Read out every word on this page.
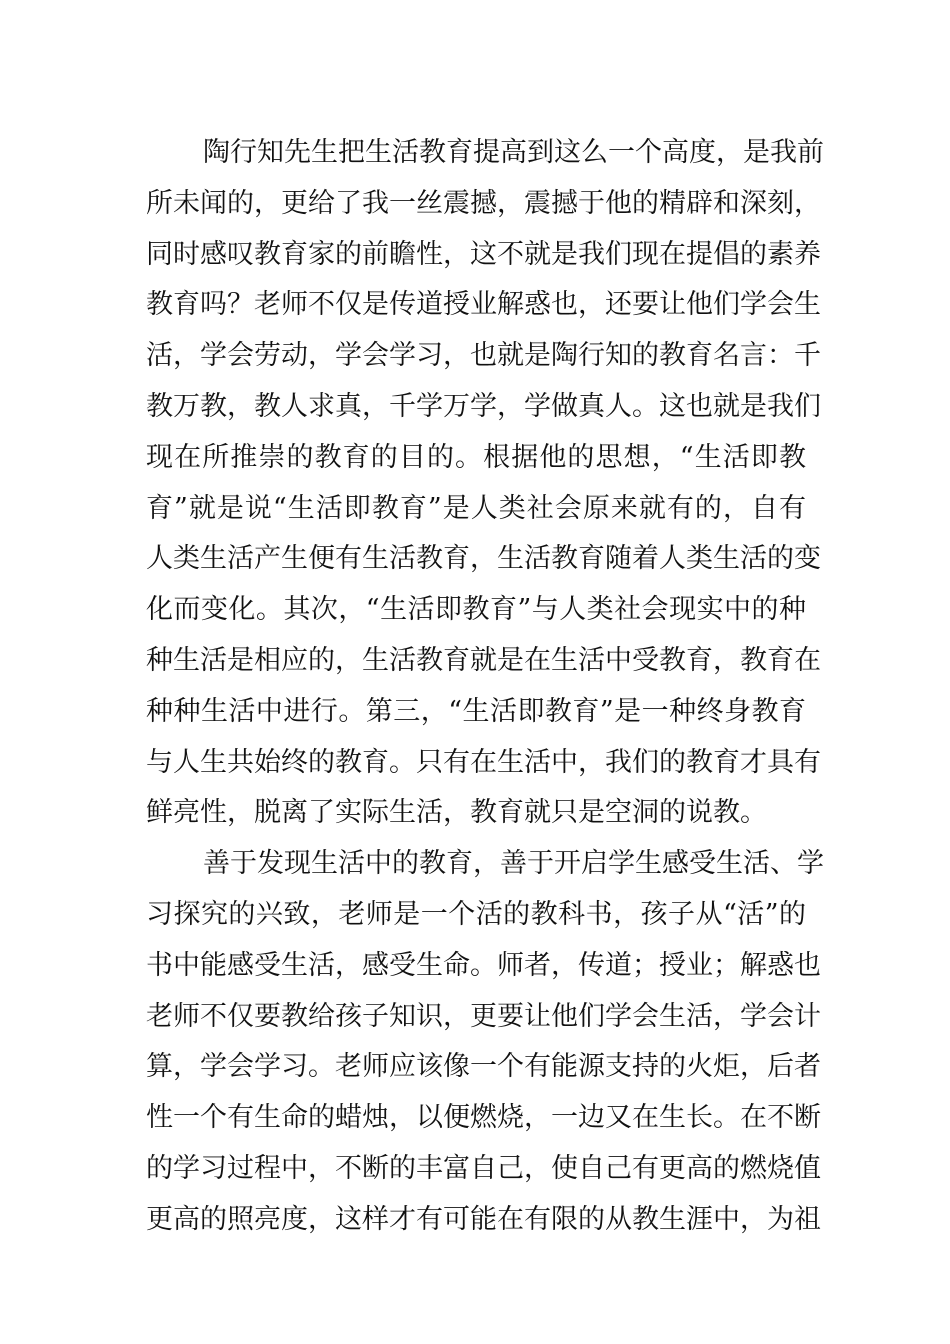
陶行知先生把生活教育提高到这么一个高度，是我前
所未闻的，更给了我一丝震撼，震撼于他的精辟和深刻，
同时感叹教育家的前瞻性，这不就是我们现在提倡的素养
教育吗？老师不仅是传道授业解惑也，还要让他们学会生
活，学会劳动，学会学习，也就是陶行知的教育名言：千
教万教，教人求真，千学万学，学做真人。这也就是我们
现在所推崇的教育的目的。根据他的思想，“生活即教
育”就是说“生活即教育”是人类社会原来就有的，自有
人类生活产生便有生活教育，生活教育随着人类生活的变
化而变化。其次，“生活即教育”与人类社会现实中的种
种生活是相应的，生活教育就是在生活中受教育，教育在
种种生活中进行。第三，“生活即教育”是一种终身教育
与人生共始终的教育。只有在生活中，我们的教育才具有
鲜亮性，脱离了实际生活，教育就只是空洞的说教。
善于发现生活中的教育，善于开启学生感受生活、学
习探究的兴致，老师是一个活的教科书，孩子从“活”的
书中能感受生活，感受生命。师者，传道；授业；解惑也
老师不仅要教给孩子知识，更要让他们学会生活，学会计
算，学会学习。老师应该像一个有能源支持的火炬，后者
性一个有生命的蜡烛，以便燃烧，一边又在生长。在不断
的学习过程中，不断的丰富自己，使自己有更高的燃烧值
更高的照亮度，这样才有可能在有限的从教生涯中，为祖
